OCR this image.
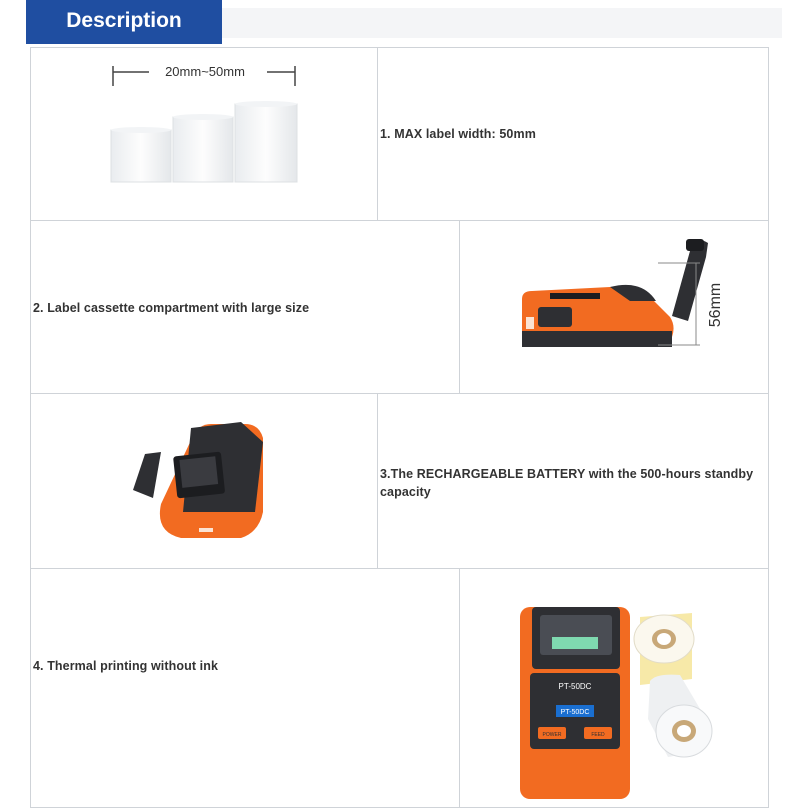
Description
20mm~50mm
1. MAX label width: 50mm
2. Label cassette compartment with large size	56mm
3.The RECHARGEABLE BATTERY with the 500-hours standby capacity
4. Thermal printing without ink
PT-50DC
PT-50DC
POWER	FEED
